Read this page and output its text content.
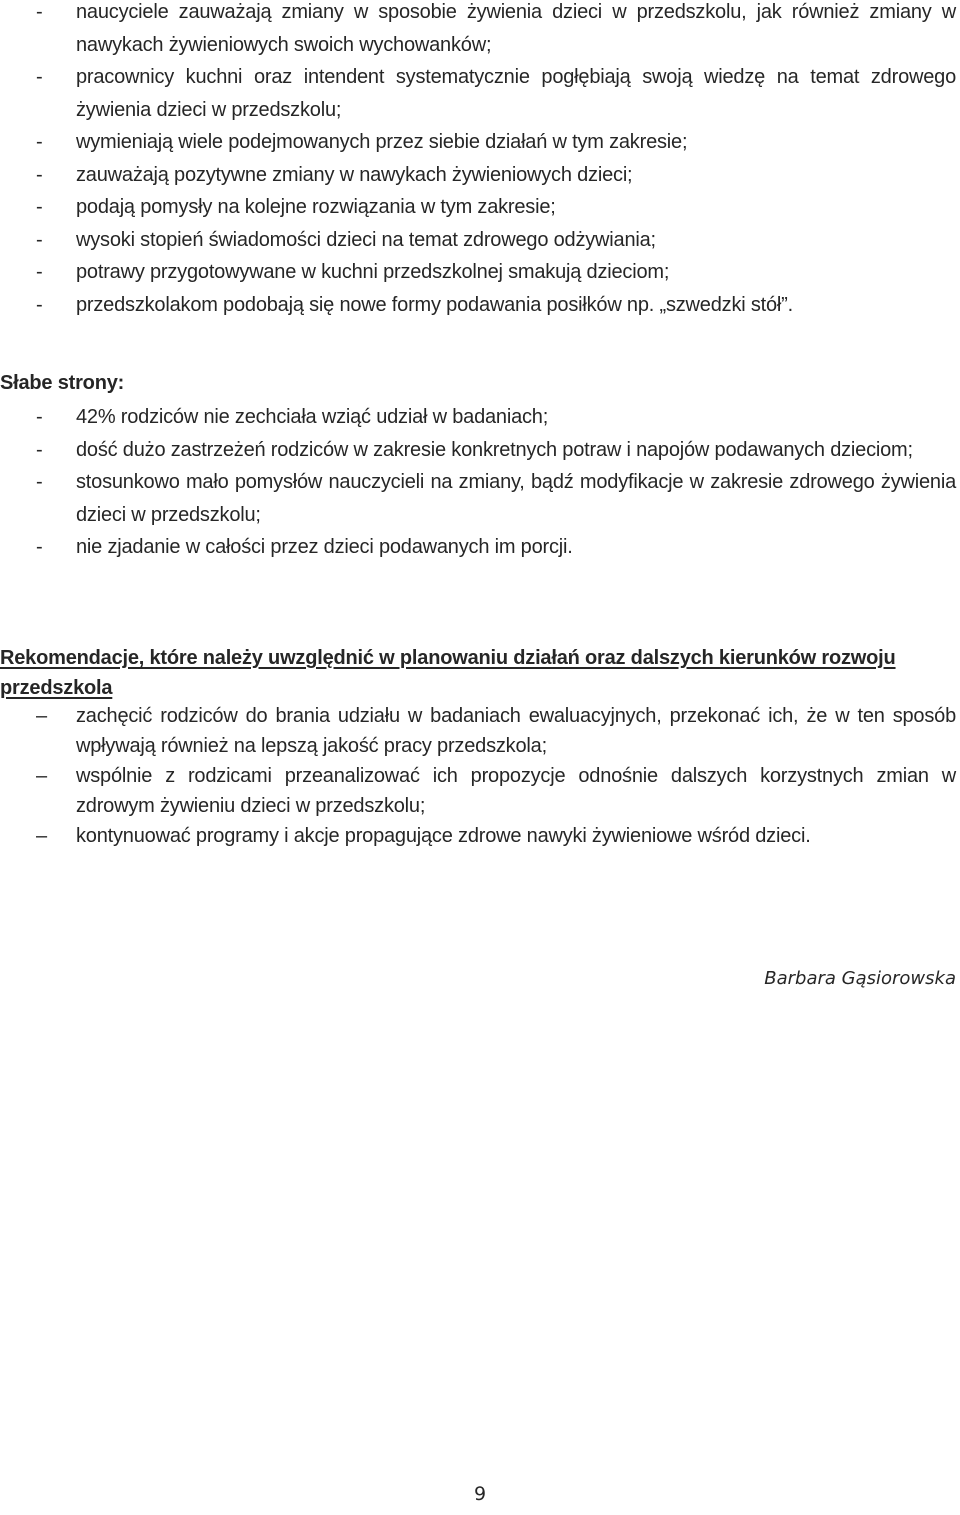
-	naucyciele zauważają zmiany w sposobie żywienia dzieci w przedszkolu, jak również zmiany w nawykach żywieniowych swoich wychowanków;
-	pracownicy kuchni oraz intendent systematycznie pogłębiają swoją wiedzę na temat zdrowego żywienia dzieci w przedszkolu;
-	wymieniają wiele podejmowanych przez siebie działań w tym zakresie;
-	zauważają pozytywne zmiany w nawykach żywieniowych dzieci;
-	podają pomysły na kolejne rozwiązania w tym zakresie;
-	wysoki stopień świadomości dzieci na temat zdrowego odżywiania;
-	potrawy przygotowywane w kuchni przedszkolnej smakują dzieciom;
-	przedszkolakom podobają się nowe formy podawania posiłków np. „szwedzki stół”.
Słabe strony:
-	42% rodziców nie zechciała wziąć udział w badaniach;
-	dość dużo zastrzeżeń rodziców w zakresie konkretnych potraw i napojów podawanych dzieciom;
-	stosunkowo mało pomysłów nauczycieli na zmiany, bądź modyfikacje w zakresie zdrowego żywienia dzieci w przedszkolu;
-	nie zjadanie w całości przez dzieci podawanych im porcji.
Rekomendacje, które należy uwzględnić w planowaniu działań oraz dalszych kierunków rozwoju przedszkola
– zachęcić rodziców do brania udziału w badaniach ewaluacyjnych, przekonać ich, że w ten sposób wpływają również na lepszą jakość pracy przedszkola;
– wspólnie z rodzicami przeanalizować ich propozycje odnośnie dalszych korzystnych zmian w zdrowym żywieniu dzieci w przedszkolu;
– kontynuować programy i akcje propagujące zdrowe nawyki żywieniowe wśród dzieci.
Barbara Gąsiorowska
9
